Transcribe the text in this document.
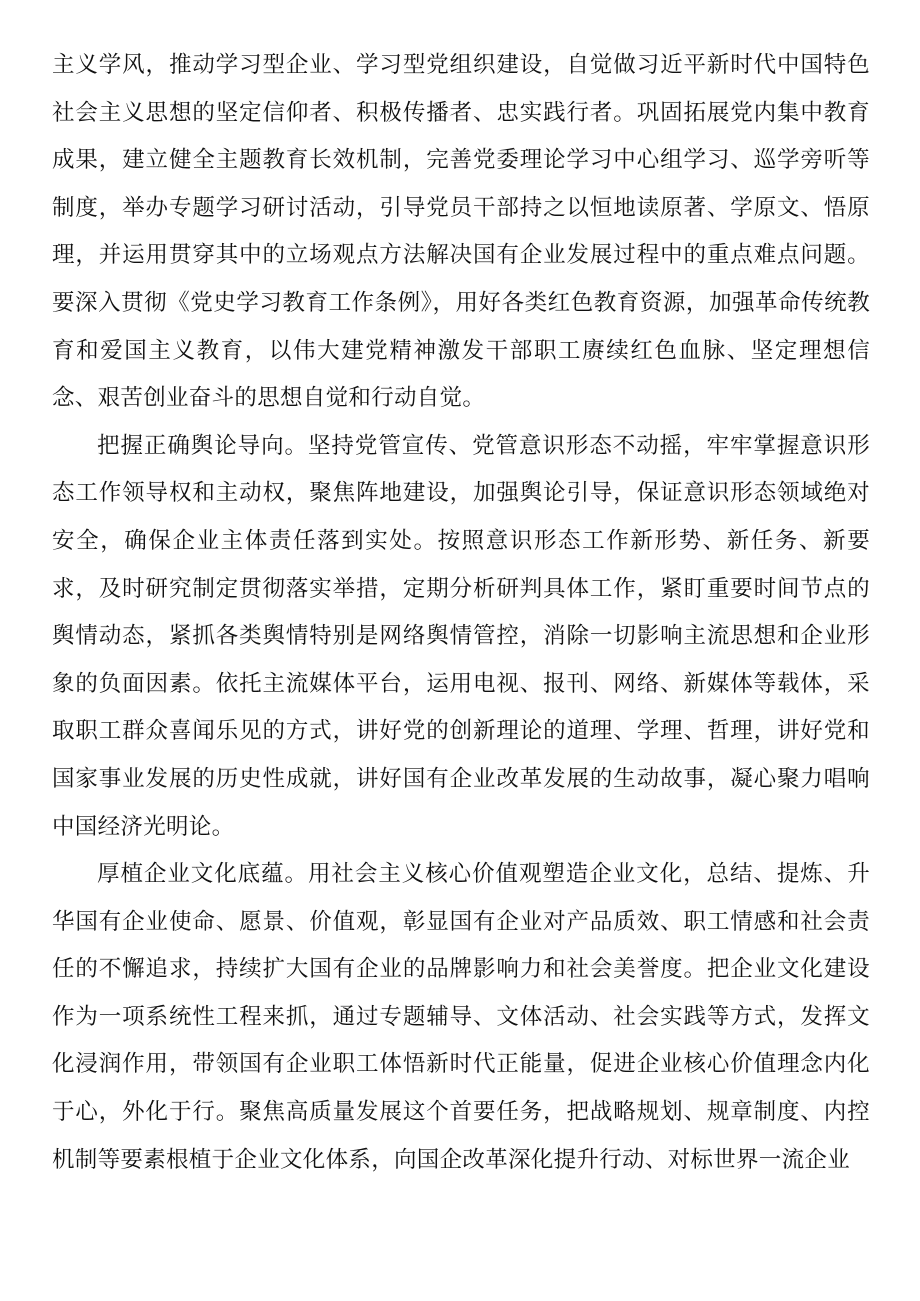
主义学风，推动学习型企业、学习型党组织建设，自觉做习近平新时代中国特色社会主义思想的坚定信仰者、积极传播者、忠实践行者。巩固拓展党内集中教育成果，建立健全主题教育长效机制，完善党委理论学习中心组学习、巡学旁听等制度，举办专题学习研讨活动，引导党员干部持之以恒地读原著、学原文、悟原理，并运用贯穿其中的立场观点方法解决国有企业发展过程中的重点难点问题。要深入贯彻《党史学习教育工作条例》，用好各类红色教育资源，加强革命传统教育和爱国主义教育，以伟大建党精神激发干部职工赓续红色血脉、坚定理想信念、艰苦创业奋斗的思想自觉和行动自觉。

把握正确舆论导向。坚持党管宣传、党管意识形态不动摇，牢牢掌握意识形态工作领导权和主动权，聚焦阵地建设，加强舆论引导，保证意识形态领域绝对安全，确保企业主体责任落到实处。按照意识形态工作新形势、新任务、新要求，及时研究制定贯彻落实举措，定期分析研判具体工作，紧盯重要时间节点的舆情动态，紧抓各类舆情特别是网络舆情管控，消除一切影响主流思想和企业形象的负面因素。依托主流媒体平台，运用电视、报刊、网络、新媒体等载体，采取职工群众喜闻乐见的方式，讲好党的创新理论的道理、学理、哲理，讲好党和国家事业发展的历史性成就，讲好国有企业改革发展的生动故事，凝心聚力唱响中国经济光明论。

厚植企业文化底蕴。用社会主义核心价值观塑造企业文化，总结、提炼、升华国有企业使命、愿景、价值观，彰显国有企业对产品质效、职工情感和社会责任的不懈追求，持续扩大国有企业的品牌影响力和社会美誉度。把企业文化建设作为一项系统性工程来抓，通过专题辅导、文体活动、社会实践等方式，发挥文化浸润作用，带领国有企业职工体悟新时代正能量，促进企业核心价值理念内化于心，外化于行。聚焦高质量发展这个首要任务，把战略规划、规章制度、内控机制等要素根植于企业文化体系，向国企改革深化提升行动、对标世界一流企业
